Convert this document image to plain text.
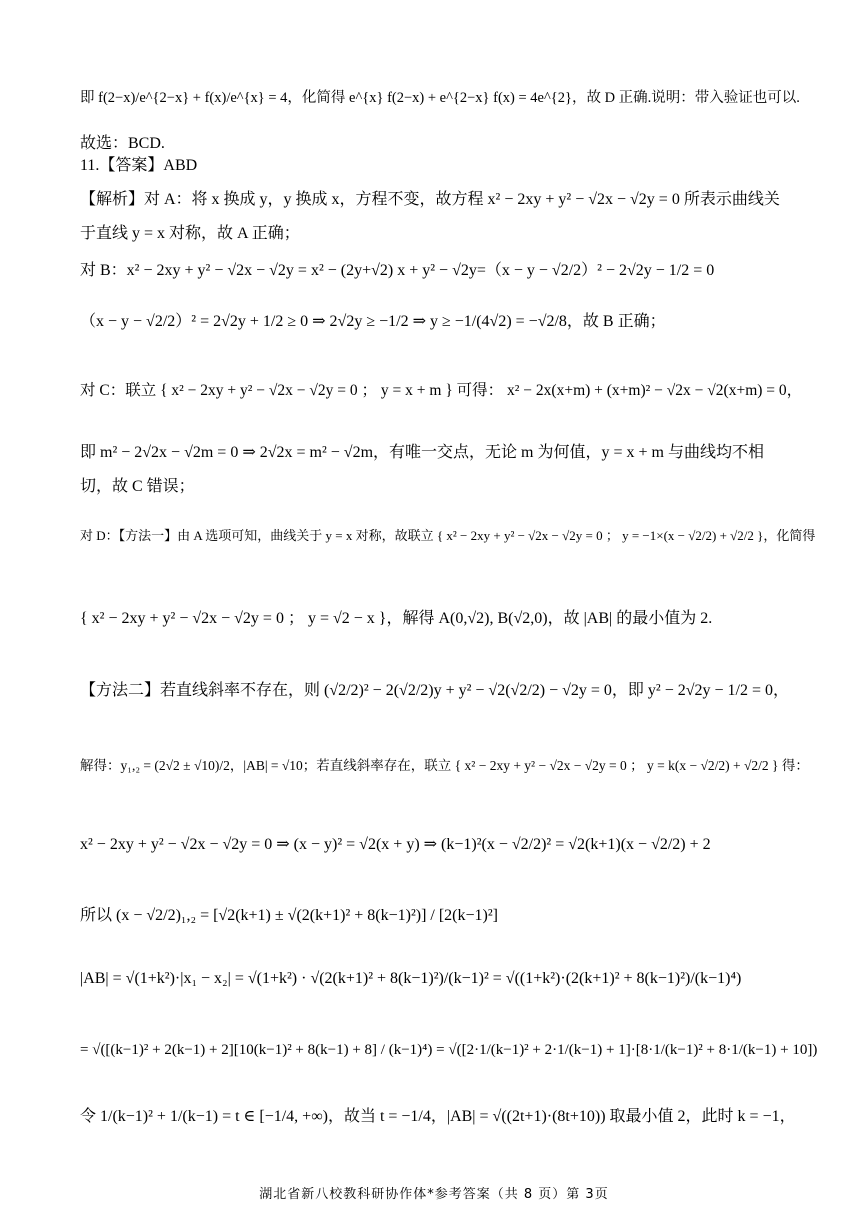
即 f(2−x)/e^{2−x} + f(x)/e^{x} = 4，化简得 e^{x} f(2−x) + e^{2−x} f(x) = 4e^{2}，故 D 正确.说明：带入验证也可以.
故选：BCD.
11.【答案】ABD
【解析】对 A：将 x 换成 y，y 换成 x，方程不变，故方程 x² − 2xy + y² − √2x − √2y = 0 所表示曲线关
于直线 y = x 对称，故 A 正确；
对 B：x² − 2xy + y² − √2x − √2y = x² − (2y+√2) x + y² − √2y=（x − y − √2/2）² − 2√2y − 1/2 = 0
（x − y − √2/2）² = 2√2y + 1/2 ≥ 0 ⇒ 2√2y ≥ −1/2 ⇒ y ≥ −1/(4√2) = −√2/8，故 B 正确；
对 C：联立 { x² − 2xy + y² − √2x − √2y = 0 ； y = x + m } 可得： x² − 2x(x+m) + (x+m)² − √2x − √2(x+m) = 0，
即 m² − 2√2x − √2m = 0 ⇒ 2√2x = m² − √2m，有唯一交点，无论 m 为何值，y = x + m 与曲线均不相
切，故 C 错误；
对 D：【方法一】由 A 选项可知，曲线关于 y = x 对称，故联立 { x² − 2xy + y² − √2x − √2y = 0 ； y = −1×(x − √2/2) + √2/2 }，化简得
{ x² − 2xy + y² − √2x − √2y = 0 ； y = √2 − x }，解得 A(0,√2), B(√2,0)，故 |AB| 的最小值为 2.
【方法二】若直线斜率不存在，则 (√2/2)² − 2(√2/2)y + y² − √2(√2/2) − √2y = 0，即 y² − 2√2y − 1/2 = 0，
解得：y₁,₂ = (2√2 ± √10)/2，|AB| = √10；若直线斜率存在，联立 { x² − 2xy + y² − √2x − √2y = 0 ； y = k(x − √2/2) + √2/2 } 得：
x² − 2xy + y² − √2x − √2y = 0 ⇒ (x − y)² = √2(x + y) ⇒ (k−1)²(x − √2/2)² = √2(k+1)(x − √2/2) + 2
所以 (x − √2/2)₁,₂ = [√2(k+1) ± √(2(k+1)² + 8(k−1)²)] / [2(k−1)²]
|AB| = √(1+k²)·|x₁ − x₂| = √(1+k²) · √(2(k+1)² + 8(k−1)²)/(k−1)² = √((1+k²)·(2(k+1)² + 8(k−1)²)/(k−1)⁴)
= √([(k−1)² + 2(k−1) + 2][10(k−1)² + 8(k−1) + 8] / (k−1)⁴) = √([2·1/(k−1)² + 2·1/(k−1) + 1]·[8·1/(k−1)² + 8·1/(k−1) + 10])
令 1/(k−1)² + 1/(k−1) = t ∈ [−1/4, +∞)，故当 t = −1/4，|AB| = √((2t+1)·(8t+10)) 取最小值 2，此时 k = −1，
湖北省新八校教科研协作体*参考答案（共 8 页）第 3页
